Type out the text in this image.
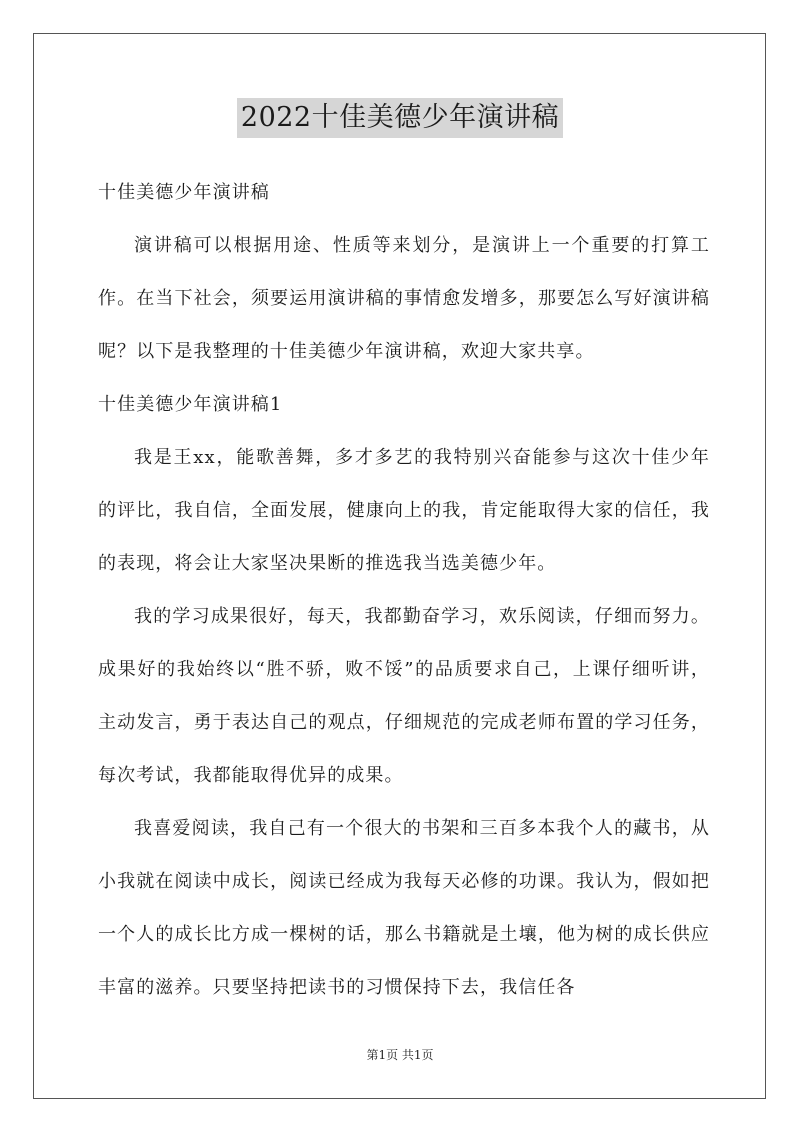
2022十佳美德少年演讲稿

十佳美德少年演讲稿

演讲稿可以根据用途、性质等来划分，是演讲上一个重要的打算工作。在当下社会，须要运用演讲稿的事情愈发增多，那要怎么写好演讲稿呢？以下是我整理的十佳美德少年演讲稿，欢迎大家共享。

十佳美德少年演讲稿1

我是王xx，能歌善舞，多才多艺的我特别兴奋能参与这次十佳少年的评比，我自信，全面发展，健康向上的我，肯定能取得大家的信任，我的表现，将会让大家坚决果断的推选我当选美德少年。

我的学习成果很好，每天，我都勤奋学习，欢乐阅读，仔细而努力。成果好的我始终以“胜不骄，败不馁”的品质要求自己，上课仔细听讲，主动发言，勇于表达自己的观点，仔细规范的完成老师布置的学习任务，每次考试，我都能取得优异的成果。

我喜爱阅读，我自己有一个很大的书架和三百多本我个人的藏书，从小我就在阅读中成长，阅读已经成为我每天必修的功课。我认为，假如把一个人的成长比方成一棵树的话，那么书籍就是土壤，他为树的成长供应丰富的滋养。只要坚持把读书的习惯保持下去，我信任各

第1页 共1页
